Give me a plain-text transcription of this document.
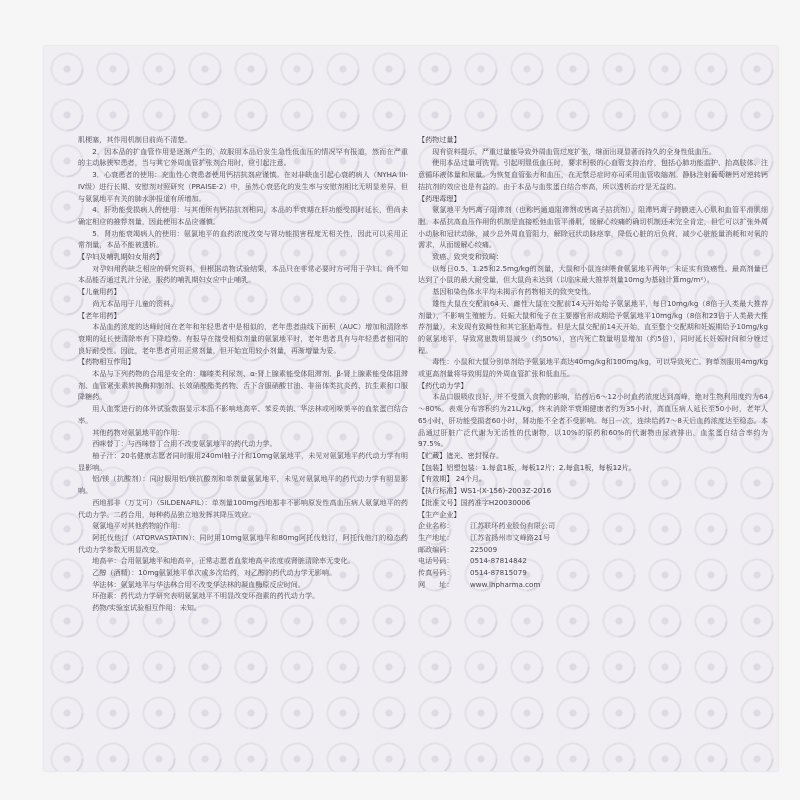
肌梗塞，其作用机制目前尚不清楚。

2．因本品的扩血管作用是逐渐产生的，故服用本品后发生急性低血压的情况罕有报道，然而在严重的主动脉狭窄患者，当与其它外周血管扩张剂合用时，应引起注意。

3．心衰患者的使用：充血性心衰患者使用钙拮抗剂应谨慎。在对非缺血引起心衰的病人（NYHA III-IV级）进行长期、安慰剂对照研究（PRAISE-2）中，虽然心衰恶化的发生率与安慰剂相比无明显差异，但与氨氯地平有关的肺水肿报道有所增加。

4．肝功能受损病人的使用：与其他所有钙拮抗剂相同，本品的半衰期在肝功能受损时延长，但尚未确定相应的推荐剂量，因此使用本品应谨慎。

5．肾功能衰竭病人的使用：氨氯地平的血药浓度改变与肾功能损害程度无相关性，因此可以采用正常剂量，本品不能被透析。

【孕妇及哺乳期妇女用药】

对孕妇用药缺乏相应的研究资料，但根据动物试验结果，本品只在非常必要时方可用于孕妇。尚不知本品能否通过乳汁分泌，服药的哺乳期妇女应中止哺乳。

【儿童用药】

尚无本品用于儿童的资料。

【老年用药】

本品血药浓度的达峰时间在老年和年轻患者中是相似的，老年患者曲线下面积（AUC）增加和清除率衰期的延长使清除率有下降趋势。有报导在接受相似剂量的氨氯地平时，老年患者具有与年轻患者相同的良好耐受性。因此，老年患者可用正常剂量，但开始宜用较小剂量，再渐增量为妥。

【药物相互作用】

本品与下列药物的合用是安全的：噻嗪类利尿剂、α-肾上腺素能受体阻滞剂、β-肾上腺素能受体阻滞剂、血管紧张素转换酶抑制剂、长效硝酸酯类药物、舌下含服硝酸甘油、非甾体类抗炎药、抗生素和口服降糖药。

用人血浆进行的体外试验数据显示本品不影响地高辛、苯妥英钠、华法林或吲哚美辛的血浆蛋白结合率。

其他药物对氨氯地平的作用：

西咪替丁：与西咪替丁合用不改变氨氯地平的药代动力学。

柚子汁：20名健康志愿者同时服用240ml柚子汁和10mg氨氯地平，未见对氨氯地平药代动力学有明显影响。

铝/镁（抗酸剂）：同时服用铝/镁抗酸剂和单剂量氨氯地平，未见对氨氯地平的药代动力学有明显影响。

西地那非（万艾可）（SILDENAFIL）：单剂量100mg西地那非不影响原发性高血压病人氨氯地平的药代动力学。二药合用，每种药品独立地发挥其降压效应。

氨氯地平对其他药物的作用：

阿托伐他汀（ATORVASTATIN）：同时用10mg氨氯地平和80mg阿托伐他汀，阿托伐他汀的稳态药代动力学参数无明显改变。

地高辛：合用氨氯地平和地高辛，正常志愿者血浆地高辛浓度或肾脏清除率无变化。

乙醇（酒精）：10mg氨氯地平单次或多次给药，对乙醇的药代动力学无影响。

华法林：氨氯地平与华法林合用不改变华法林的凝血酶原反应时间。

环孢素：药代动力学研究表明氨氯地平不明显改变环孢素的药代动力学。

药物/实验室试验相互作用：未知。

【药物过量】

现有资料提示，严重过量能导致外周血管过度扩张，继而出现显著而持久的全身性低血压。

使用本品过量可洗胃。引起明显低血压时，要求积极的心血管支持治疗，包括心肺功能监护、抬高肢体、注意循环液体量和尿量。为恢复血管张力和血压，在无禁忌症时亦可采用血管收缩剂。静脉注射葡萄糖钙对逆转钙拮抗剂的效应也是有益的。由于本品与血浆蛋白结合率高，所以透析治疗是无益的。

【药理毒理】

氨氯地平为钙离子阻滞剂（也称钙通道阻滞剂或钙离子拮抗剂），阻滞钙离子跨膜进入心肌和血管平滑肌细胞。本品抗高血压作用的机制是直接松弛血管平滑肌，缓解心绞痛的确切机制还未完全肯定，但它可以扩张外周小动脉和冠状动脉，减少总外周血管阻力，解除冠状动脉痉挛，降低心脏的后负荷，减少心脏能量消耗和对氧的需求，从而缓解心绞痛。

致癌、致突变和致畸：

以每日0.5、1.25和2.5mg/kg的剂量，大鼠和小鼠连续喂食氨氯地平两年，未证实有致癌性。最高剂量已达到了小鼠的最大耐受量，但大鼠尚未达到（以临床最大推荐剂量10mg为基础计算mg/m²）。

基因和染色体水平均未揭示有药物相关的致突变性。

雄性大鼠在交配前64天、雌性大鼠在交配前14天开始给予氨氯地平，每日10mg/kg（8倍于人类最大推荐剂量），不影响生殖能力。妊娠大鼠和兔子在主要器官形成期给予氨氯地平10mg/kg（8倍和23倍于人类最大推荐剂量），未发现有致畸性和其它胚胎毒性。但是大鼠交配前14天开始，直至整个交配期和妊娠期给予10mg/kg的氨氯地平，导致窝崽数明显减少（约50%），宫内死亡数量明显增加（约5倍），同时延长妊娠时间和分娩过程。

毒性：小鼠和大鼠分别单剂给予氨氯地平高达40mg/kg和100mg/kg，可以导致死亡。狗单剂服用4mg/kg或更高剂量将导致明显的外周血管扩张和低血压。

【药代动力学】

本品口服吸收良好，并不受摄入食物的影响，给药后6～12小时血药浓度达到高峰，绝对生物利用度约为64～80%。表观分布容积约为21L/kg，终末消除半衰期健康者约为35小时，高血压病人延长至50小时，老年人65小时，肝功能受损者60小时，肾功能不全者不受影响。每日一次，连续给药7～8天后血药浓度达至稳态。本品通过肝脏广泛代谢为无活性的代谢物，以10%的原药和60%的代谢物由尿液排出，血浆蛋白结合率约为97.5%。

【贮藏】遮光、密封保存。

【包装】铝塑包装：1.每盒1板，每板12片；2.每盒1板，每板12片。

【有效期】 24个月。

【执行标准】WS1-(X-156)-2003Z-2016

【批准文号】国药准字H20030006

【生产企业】

企业名称：	江苏联环药业股份有限公司
生产地址：	江苏省扬州市文峰路21号
邮政编码：	225009
电话号码：	0514-87814842
传真号码：	0514-87815079
网　　址：	www.lhpharma.com
